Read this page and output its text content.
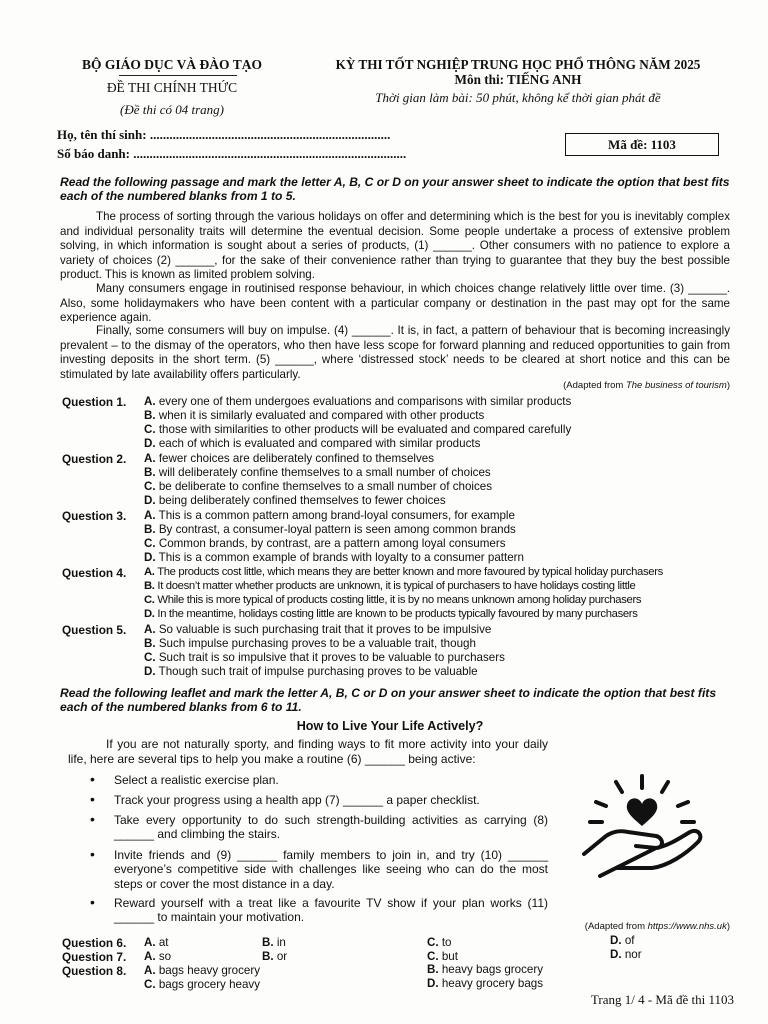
BỘ GIÁO DỤC VÀ ĐÀO TẠO
ĐỀ THI CHÍNH THỨC
(Đề thi có 04 trang)
KỲ THI TỐT NGHIỆP TRUNG HỌC PHỔ THÔNG NĂM 2025
Môn thi: TIẾNG ANH
Thời gian làm bài: 50 phút, không kể thời gian phát đề
Họ, tên thí sinh: ..........................................................................
Số báo danh: ....................................................................................
Mã đề: 1103
Read the following passage and mark the letter A, B, C or D on your answer sheet to indicate the option that best fits each of the numbered blanks from 1 to 5.
The process of sorting through the various holidays on offer and determining which is the best for you is inevitably complex and individual personality traits will determine the eventual decision. Some people undertake a process of extensive problem solving, in which information is sought about a series of products, (1) ______. Other consumers with no patience to explore a variety of choices (2) ______, for the sake of their convenience rather than trying to guarantee that they buy the best possible product. This is known as limited problem solving.
Many consumers engage in routinised response behaviour, in which choices change relatively little over time. (3) ______. Also, some holidaymakers who have been content with a particular company or destination in the past may opt for the same experience again.
Finally, some consumers will buy on impulse. (4) ______. It is, in fact, a pattern of behaviour that is becoming increasingly prevalent – to the dismay of the operators, who then have less scope for forward planning and reduced opportunities to gain from investing deposits in the short term. (5) ______, where ‘distressed stock’ needs to be cleared at short notice and this can be stimulated by late availability offers particularly.
(Adapted from The business of tourism)
Question 1. A. every one of them undergoes evaluations and comparisons with similar products
B. when it is similarly evaluated and compared with other products
C. those with similarities to other products will be evaluated and compared carefully
D. each of which is evaluated and compared with similar products
Question 2. A. fewer choices are deliberately confined to themselves
B. will deliberately confine themselves to a small number of choices
C. be deliberate to confine themselves to a small number of choices
D. being deliberately confined themselves to fewer choices
Question 3. A. This is a common pattern among brand-loyal consumers, for example
B. By contrast, a consumer-loyal pattern is seen among common brands
C. Common brands, by contrast, are a pattern among loyal consumers
D. This is a common example of brands with loyalty to a consumer pattern
Question 4. A. The products cost little, which means they are better known and more favoured by typical holiday purchasers
B. It doesn’t matter whether products are unknown, it is typical of purchasers to have holidays costing little
C. While this is more typical of products costing little, it is by no means unknown among holiday purchasers
D. In the meantime, holidays costing little are known to be products typically favoured by many purchasers
Question 5. A. So valuable is such purchasing trait that it proves to be impulsive
B. Such impulse purchasing proves to be a valuable trait, though
C. Such trait is so impulsive that it proves to be valuable to purchasers
D. Though such trait of impulse purchasing proves to be valuable
Read the following leaflet and mark the letter A, B, C or D on your answer sheet to indicate the option that best fits each of the numbered blanks from 6 to 11.
How to Live Your Life Actively?
If you are not naturally sporty, and finding ways to fit more activity into your daily life, here are several tips to help you make a routine (6) ______ being active:
• Select a realistic exercise plan.
• Track your progress using a health app (7) ______ a paper checklist.
• Take every opportunity to do such strength-building activities as carrying (8) ______ and climbing the stairs.
• Invite friends and (9) ______ family members to join in, and try (10) ______ everyone’s competitive side with challenges like seeing who can do the most steps or cover the most distance in a day.
• Reward yourself with a treat like a favourite TV show if your plan works (11) ______ to maintain your motivation.
(Adapted from https://www.nhs.uk)
Question 6. A. at	B. in	C. to	D. of
Question 7. A. so	B. or	C. but	D. nor
Question 8. A. bags heavy grocery	B. heavy bags grocery
C. bags grocery heavy	D. heavy grocery bags
Trang 1/ 4 - Mã đề thi 1103
